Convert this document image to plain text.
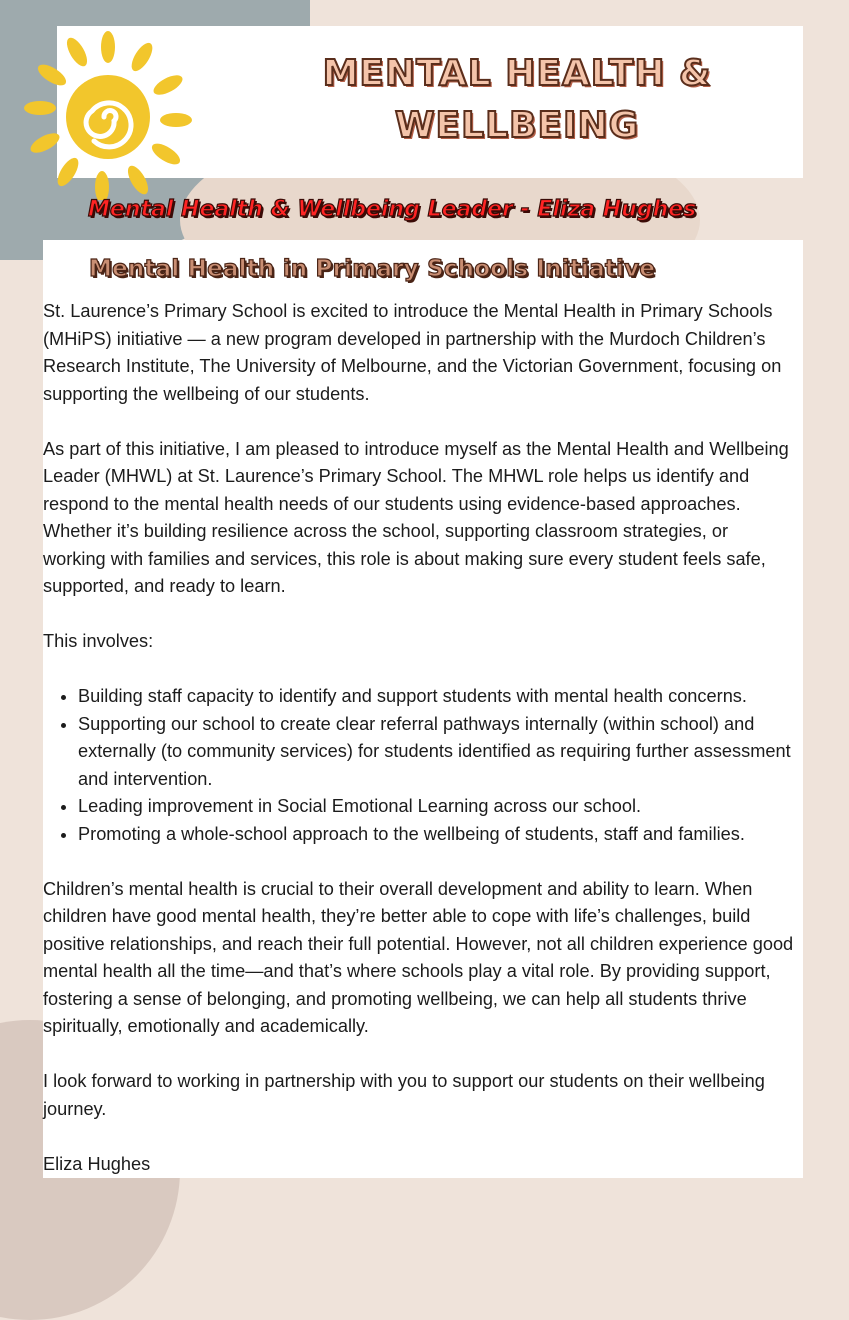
MENTAL HEALTH &
WELLBEING
Mental Health & Wellbeing Leader - Eliza Hughes
Mental Health in Primary Schools Initiative

St. Laurence’s Primary School is excited to introduce the Mental Health in Primary Schools (MHiPS) initiative — a new program developed in partnership with the Murdoch Children’s Research Institute, The University of Melbourne, and the Victorian Government, focusing on supporting the wellbeing of our students.

As part of this initiative, I am pleased to introduce myself as the Mental Health and Wellbeing Leader (MHWL) at St. Laurence’s Primary School. The MHWL role helps us identify and respond to the mental health needs of our students using evidence-based approaches. Whether it’s building resilience across the school, supporting classroom strategies, or working with families and services, this role is about making sure every student feels safe, supported, and ready to learn.

This involves:

• Building staff capacity to identify and support students with mental health concerns.
• Supporting our school to create clear referral pathways internally (within school) and externally (to community services) for students identified as requiring further assessment and intervention.
• Leading improvement in Social Emotional Learning across our school.
• Promoting a whole-school approach to the wellbeing of students, staff and families.

Children’s mental health is crucial to their overall development and ability to learn. When children have good mental health, they’re better able to cope with life’s challenges, build positive relationships, and reach their full potential. However, not all children experience good mental health all the time—and that’s where schools play a vital role. By providing support, fostering a sense of belonging, and promoting wellbeing, we can help all students thrive spiritually, emotionally and academically.

I look forward to working in partnership with you to support our students on their wellbeing journey.

Eliza Hughes
